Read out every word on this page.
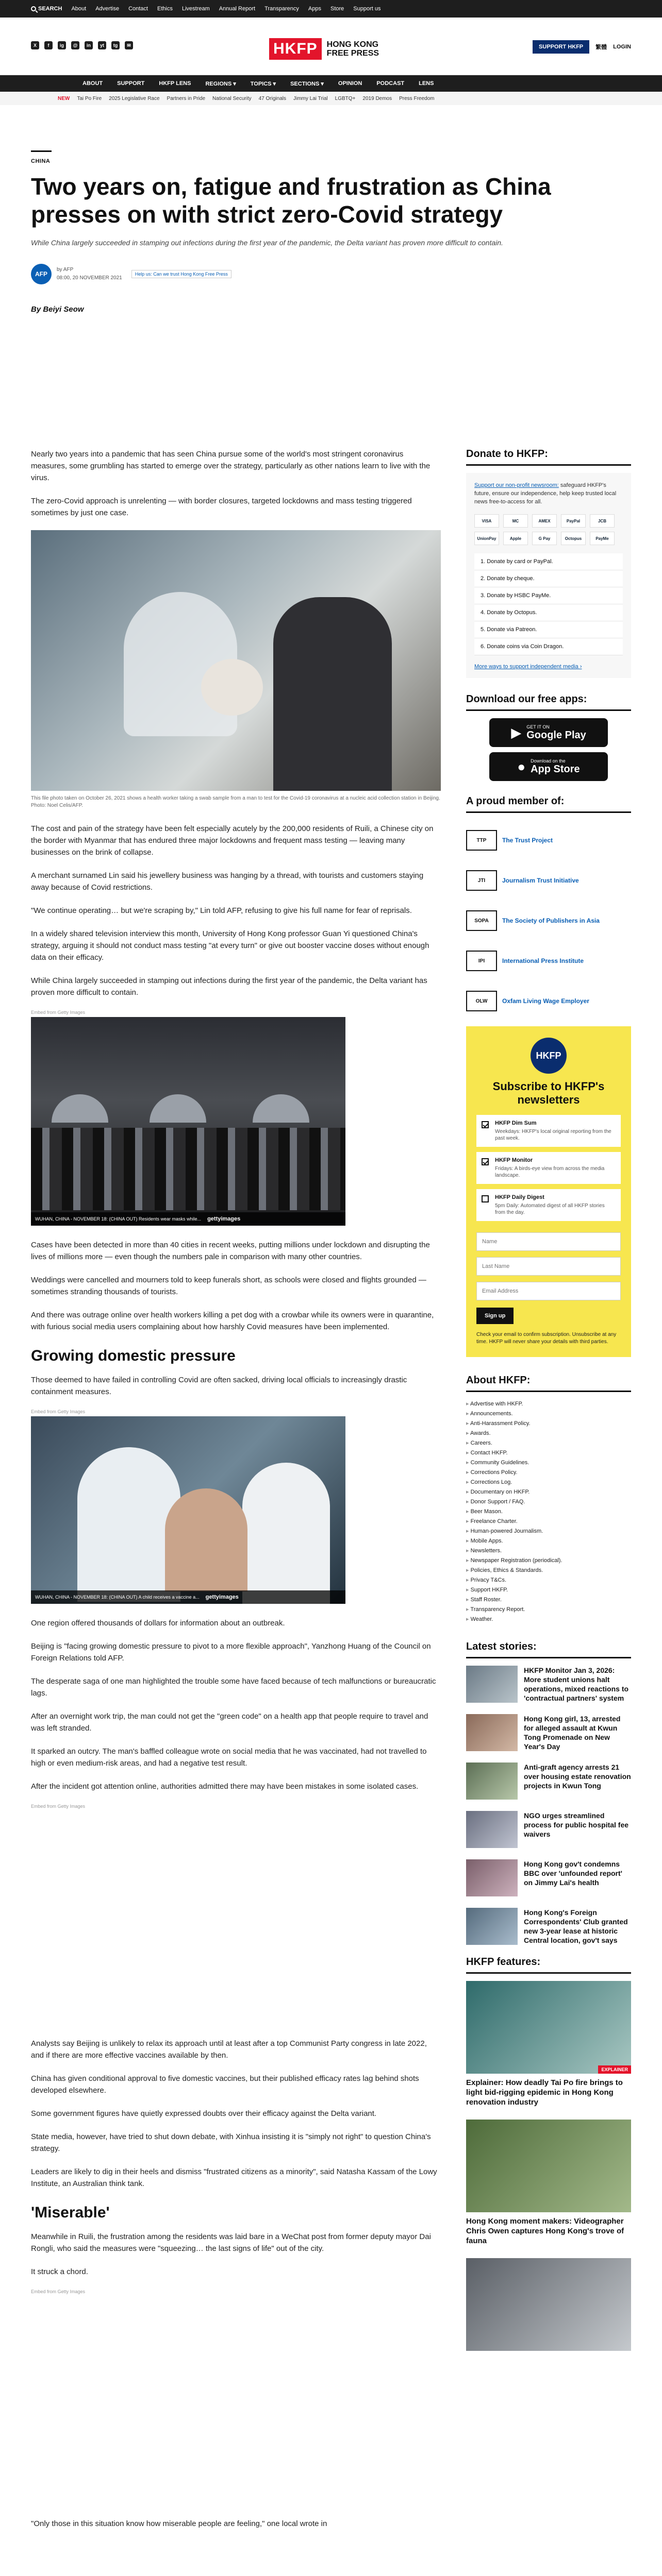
SEARCH About Advertise Contact Ethics Livestream Annual Report Transparency Apps Store Support us
X	f	ig	@	in	yt	tg	✉	HKFP	HONG KONG
FREE PRESS
SUPPORT HKFP	繁體 LOGIN
ABOUT	SUPPORT	HKFP LENS	REGIONS ▾	TOPICS ▾	SECTIONS ▾	OPINION	PODCAST	LENS
NEW Tai Po Fire 2025 Legislative Race Partners in Pride National Security 47 Originals Jimmy Lai Trial LGBTQ+ 2019 Demos Press Freedom
CHINA
Two years on, fatigue and frustration as China presses on with strict zero-Covid strategy
While China largely succeeded in stamping out infections during the first year of the pandemic, the Delta variant has proven more difficult to contain.
AFP
by AFP
08:00, 20 NOVEMBER 2021
Help us: Can we trust Hong Kong Free Press
By Beiyi Seow

Nearly two years into a pandemic that has seen China pursue some of the world's most stringent coronavirus measures, some grumbling has started to emerge over the strategy, particularly as other nations learn to live with the virus.

The zero-Covid approach is unrelenting — with border closures, targeted lockdowns and mass testing triggered sometimes by just one case.

This file photo taken on October 26, 2021 shows a health worker taking a swab sample from a man to test for the Covid-19 coronavirus at a nucleic acid collection station in Beijing. Photo: Noel Celis/AFP.

The cost and pain of the strategy have been felt especially acutely by the 200,000 residents of Ruili, a Chinese city on the border with Myanmar that has endured three major lockdowns and frequent mass testing — leaving many businesses on the brink of collapse.

A merchant surnamed Lin said his jewellery business was hanging by a thread, with tourists and customers staying away because of Covid restrictions.

"We continue operating… but we're scraping by," Lin told AFP, refusing to give his full name for fear of reprisals.

In a widely shared television interview this month, University of Hong Kong professor Guan Yi questioned China's strategy, arguing it should not conduct mass testing "at every turn" or give out booster vaccine doses without enough data on their efficacy.

While China largely succeeded in stamping out infections during the first year of the pandemic, the Delta variant has proven more difficult to contain.

Embed from Getty Images
WUHAN, CHINA - NOVEMBER 18: (CHINA OUT) Residents wear masks while... gettyimages

Cases have been detected in more than 40 cities in recent weeks, putting millions under lockdown and disrupting the lives of millions more — even though the numbers pale in comparison with many other countries.

Weddings were cancelled and mourners told to keep funerals short, as schools were closed and flights grounded — sometimes stranding thousands of tourists.

And there was outrage online over health workers killing a pet dog with a crowbar while its owners were in quarantine, with furious social media users complaining about how harshly Covid measures have been implemented.

Growing domestic pressure

Those deemed to have failed in controlling Covid are often sacked, driving local officials to increasingly drastic containment measures.

Embed from Getty Images
WUHAN, CHINA - NOVEMBER 18: (CHINA OUT) A child receives a vaccine a... gettyimages

One region offered thousands of dollars for information about an outbreak.

Beijing is "facing growing domestic pressure to pivot to a more flexible approach", Yanzhong Huang of the Council on Foreign Relations told AFP.

The desperate saga of one man highlighted the trouble some have faced because of tech malfunctions or bureaucratic lags.

After an overnight work trip, the man could not get the "green code" on a health app that people require to travel and was left stranded.

It sparked an outcry. The man's baffled colleague wrote on social media that he was vaccinated, had not travelled to high or even medium-risk areas, and had a negative test result.

After the incident got attention online, authorities admitted there may have been mistakes in some isolated cases.

Embed from Getty Images

Analysts say Beijing is unlikely to relax its approach until at least after a top Communist Party congress in late 2022, and if there are more effective vaccines available by then.

China has given conditional approval to five domestic vaccines, but their published efficacy rates lag behind shots developed elsewhere.

Some government figures have quietly expressed doubts over their efficacy against the Delta variant.

State media, however, have tried to shut down debate, with Xinhua insisting it is "simply not right" to question China's strategy.

Leaders are likely to dig in their heels and dismiss "frustrated citizens as a minority", said Natasha Kassam of the Lowy Institute, an Australian think tank.

'Miserable'

Meanwhile in Ruili, the frustration among the residents was laid bare in a WeChat post from former deputy mayor Dai Rongli, who said the measures were "squeezing… the last signs of life" out of the city.

It struck a chord.

Embed from Getty Images

"Only those in this situation know how miserable people are feeling," one local wrote in

Donate to HKFP:
Support our non-profit newsroom: safeguard HKFP's future, ensure our independence, help keep trusted local news free-to-access for all.
VISA	MC	AMEX	PayPal	JCB
UnionPay	Apple	G Pay	Octopus	PayMe
1. Donate by card or PayPal.
2. Donate by cheque.
3. Donate by HSBC PayMe.
4. Donate by Octopus.
5. Donate via Patreon.
6. Donate coins via Coin Dragon.
More ways to support independent media ›
Download our free apps:
▶ GET IT ON
Google Play
● Download on the
App Store
A proud member of:
TTP	The Trust Project
JTI	Journalism Trust Initiative
SOPA	The Society of Publishers in Asia
IPI	International Press Institute
OLW	Oxfam Living Wage Employer
HKFP
Subscribe to HKFP's newsletters
HKFP Dim Sum
Weekdays: HKFP's local original reporting from the past week.
HKFP Monitor
Fridays: A birds-eye view from across the media landscape.
HKFP Daily Digest
5pm Daily: Automated digest of all HKFP stories from the day.
Name Last Name Email Address Sign up
Check your email to confirm subscription. Unsubscribe at any time. HKFP will never share your details with third parties.
About HKFP:
▸ Advertise with HKFP.
▸ Announcements.
▸ Anti-Harassment Policy.
▸ Awards.
▸ Careers.
▸ Contact HKFP.
▸ Community Guidelines.
▸ Corrections Policy.
▸ Corrections Log.
▸ Documentary on HKFP.
▸ Donor Support / FAQ.
▸ Beer Mason.
▸ Freelance Charter.
▸ Human-powered Journalism.
▸ Mobile Apps.
▸ Newsletters.
▸ Newspaper Registration (periodical).
▸ Policies, Ethics & Standards.
▸ Privacy T&Cs.
▸ Support HKFP.
▸ Staff Roster.
▸ Transparency Report.
▸ Weather.
Latest stories:
HKFP Monitor Jan 3, 2026: More student unions halt operations, mixed reactions to 'contractual partners' system
Hong Kong girl, 13, arrested for alleged assault at Kwun Tong Promenade on New Year's Day
Anti-graft agency arrests 21 over housing estate renovation projects in Kwun Tong
NGO urges streamlined process for public hospital fee waivers
Hong Kong gov't condemns BBC over 'unfounded report' on Jimmy Lai's health
Hong Kong's Foreign Correspondents' Club granted new 3-year lease at historic Central location, gov't says
HKFP features:
EXPLAINER
Explainer: How deadly Tai Po fire brings to light bid-rigging epidemic in Hong Kong renovation industry
Hong Kong moment makers: Videographer Chris Owen captures Hong Kong's trove of fauna
